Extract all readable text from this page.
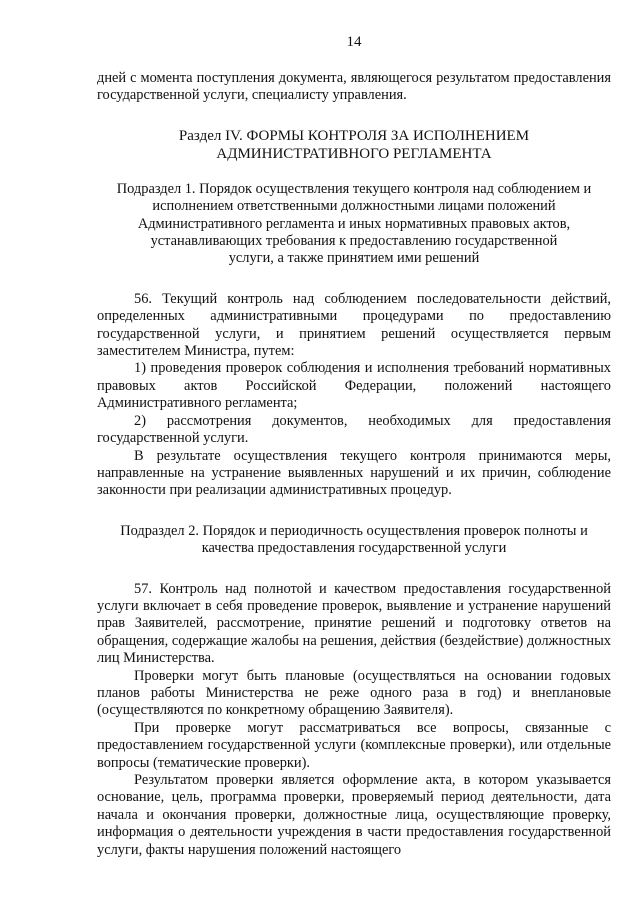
14

дней с момента поступления документа, являющегося результатом предоставления государственной услуги, специалисту управления.

Раздел IV. ФОРМЫ КОНТРОЛЯ ЗА ИСПОЛНЕНИЕМ
АДМИНИСТРАТИВНОГО РЕГЛАМЕНТА

Подраздел 1. Порядок осуществления текущего контроля над соблюдением и
исполнением ответственными должностными лицами положений
Административного регламента и иных нормативных правовых актов,
устанавливающих требования к предоставлению государственной
услуги, а также принятием ими решений

56. Текущий контроль над соблюдением последовательности действий, определенных административными процедурами по предоставлению государственной услуги, и принятием решений осуществляется первым заместителем Министра, путем:

1) проведения проверок соблюдения и исполнения требований нормативных правовых актов Российской Федерации, положений настоящего Административного регламента;

2) рассмотрения документов, необходимых для предоставления государственной услуги.

В результате осуществления текущего контроля принимаются меры, направленные на устранение выявленных нарушений и их причин, соблюдение законности при реализации административных процедур.

Подраздел 2. Порядок и периодичность осуществления проверок полноты и
качества предоставления государственной услуги

57. Контроль над полнотой и качеством предоставления государственной услуги включает в себя проведение проверок, выявление и устранение нарушений прав Заявителей, рассмотрение, принятие решений и подготовку ответов на обращения, содержащие жалобы на решения, действия (бездействие) должностных лиц Министерства.

Проверки могут быть плановые (осуществляться на основании годовых планов работы Министерства не реже одного раза в год) и внеплановые (осуществляются по конкретному обращению Заявителя).

При проверке могут рассматриваться все вопросы, связанные с предоставлением государственной услуги (комплексные проверки), или отдельные вопросы (тематические проверки).

Результатом проверки является оформление акта, в котором указывается основание, цель, программа проверки, проверяемый период деятельности, дата начала и окончания проверки, должностные лица, осуществляющие проверку, информация о деятельности учреждения в части предоставления государственной услуги, факты нарушения положений настоящего
